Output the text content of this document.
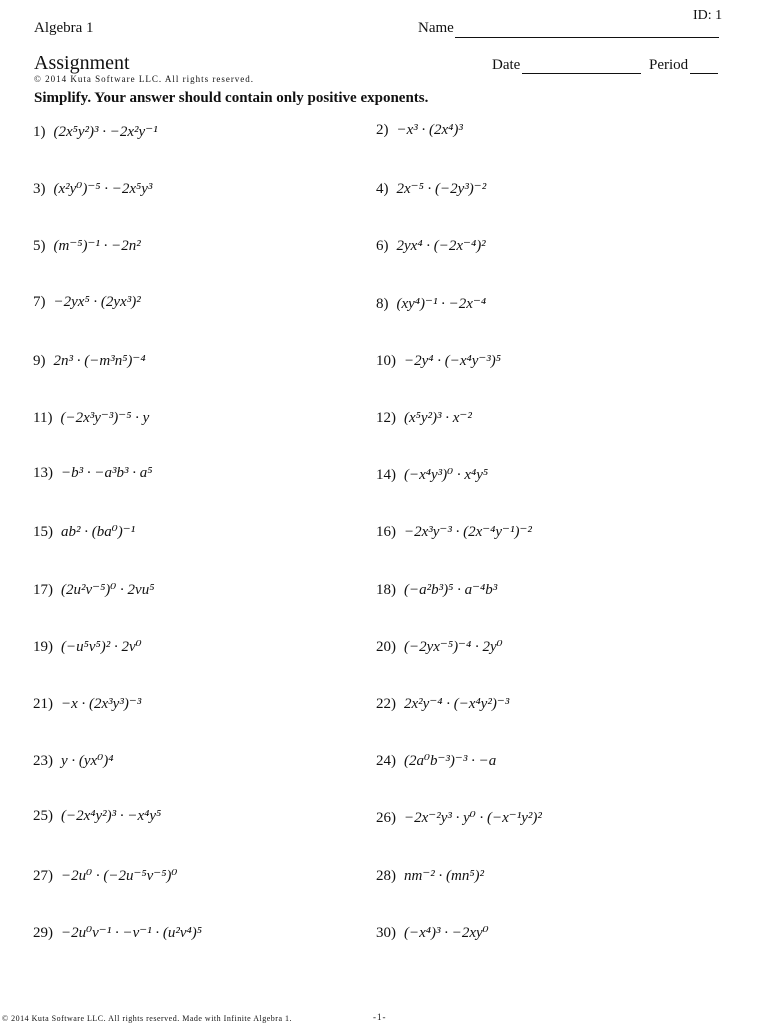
Algebra 1
ID: 1
Name
Assignment
© 2014 Kuta Software LLC. All rights reserved.
Date	Period
Simplify. Your answer should contain only positive exponents.
1) (2x⁵y²)³ · −2x²y⁻¹	2) −x³ · (2x⁴)³
3) (x²y⁰)⁻⁵ · −2x⁵y³	4) 2x⁻⁵ · (−2y³)⁻²
5) (m⁻⁵)⁻¹ · −2n²	6) 2yx⁴ · (−2x⁻⁴)²
7) −2yx⁵ · (2yx³)²	8) (xy⁴)⁻¹ · −2x⁻⁴
9) 2n³ · (−m³n⁵)⁻⁴	10) −2y⁴ · (−x⁴y⁻³)⁵
11) (−2x³y⁻³)⁻⁵ · y	12) (x⁵y²)³ · x⁻²
13) −b³ · −a³b³ · a⁵	14) (−x⁴y³)⁰ · x⁴y⁵
15) ab² · (ba⁰)⁻¹	16) −2x³y⁻³ · (2x⁻⁴y⁻¹)⁻²
17) (2u²v⁻⁵)⁰ · 2vu⁵	18) (−a²b³)⁵ · a⁻⁴b³
19) (−u⁵v⁵)² · 2v⁰	20) (−2yx⁻⁵)⁻⁴ · 2y⁰
21) −x · (2x³y³)⁻³	22) 2x²y⁻⁴ · (−x⁴y²)⁻³
23) y · (yx⁰)⁴	24) (2a⁰b⁻³)⁻³ · −a
25) (−2x⁴y²)³ · −x⁴y⁵	26) −2x⁻²y³ · y⁰ · (−x⁻¹y²)²
27) −2u⁰ · (−2u⁻⁵v⁻⁵)⁰	28) nm⁻² · (mn⁵)²
29) −2u⁰v⁻¹ · −v⁻¹ · (u²v⁴)⁵	30) (−x⁴)³ · −2xy⁰
© 2014 Kuta Software LLC. All rights reserved. Made with Infinite Algebra 1.	-1-
